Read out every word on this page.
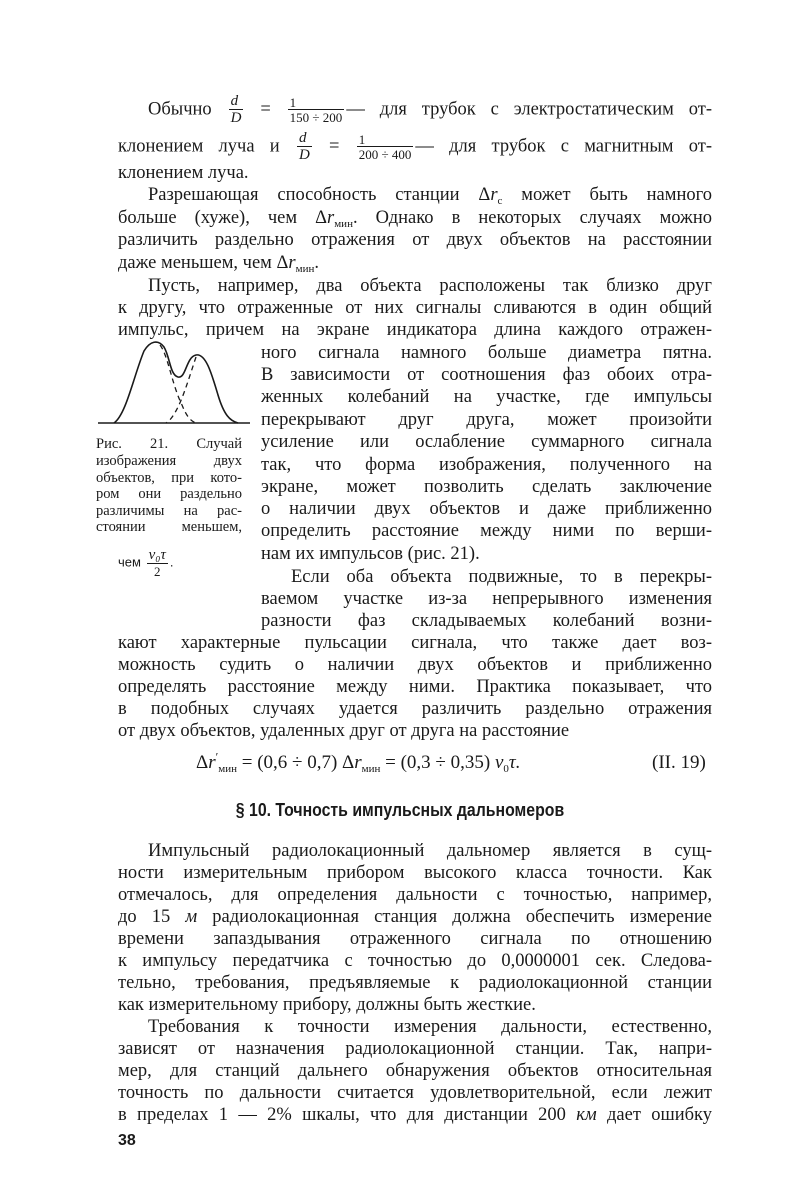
Обычно $\frac{d}{D} = \frac{1}{150 \div 200}$ — для трубок с электростатическим от-
клонением луча и $\frac{d}{D} = \frac{1}{200 \div 400}$ — для трубок с магнитным от-
клонением луча.
Разрешающая способность станции $\Delta r_с$ может быть намного
больше (хуже), чем $\Delta r_{мин}$. Однако в некоторых случаях можно
различить раздельно отражения от двух объектов на расстоянии
даже меньшем, чем $\Delta r_{мин}$.
Пусть, например, два объекта расположены так близко друг
к другу, что отраженные от них сигналы сливаются в один общий
импульс, причем на экране индикатора длина каждого отражен-
ного сигнала намного больше диаметра пятна.
В зависимости от соотношения фаз обоих отра-
женных колебаний на участке, где импульсы
перекрывают друг друга, может произойти
усиление или ослабление суммарного сигнала
так, что форма изображения, полученного на
экране, может позволить сделать заключение
о наличии двух объектов и даже приближенно
определить расстояние между ними по верши-
нам их импульсов (рис. 21).
Рис. 21. Случай
изображения двух
объектов, при кото-
ром они раздельно
различимы на рас-
стоянии меньшем,
чем $\frac{\text{v₀τ}}{2}$ .
Если оба объекта подвижные, то в перекры-
ваемом участке из-за непрерывного изменения
разности фаз складываемых колебаний возни-
кают характерные пульсации сигнала, что также дает воз-
можность судить о наличии двух объектов и приближенно
определять расстояние между ними. Практика показывает, что
в подобных случаях удается различить раздельно отражения
от двух объектов, удаленных друг от друга на расстояние
$\Delta r'_{мин} = (0,6 \div 0,7) \Delta r_{мин} = (0,3 \div 0,35)$ $v_0\tau$.	(II. 19)
§ 10. Точность импульсных дальномеров
Импульсный радиолокационный дальномер является в сущ-
ности измерительным прибором высокого класса точности. Как
отмечалось, для определения дальности с точностью, например,
до 15 м радиолокационная станция должна обеспечить измерение
времени запаздывания отраженного сигнала по отношению
к импульсу передатчика с точностью до 0,0000001 сек. Следова-
тельно, требования, предъявляемые к радиолокационной станции
как измерительному прибору, должны быть жесткие.
Требования к точности измерения дальности, естественно,
зависят от назначения радиолокационной станции. Так, напри-
мер, для станций дальнего обнаружения объектов относительная
точность по дальности считается удовлетворительной, если лежит
в пределах 1 — 2% шкалы, что для дистанции 200 км дает ошибку
38
